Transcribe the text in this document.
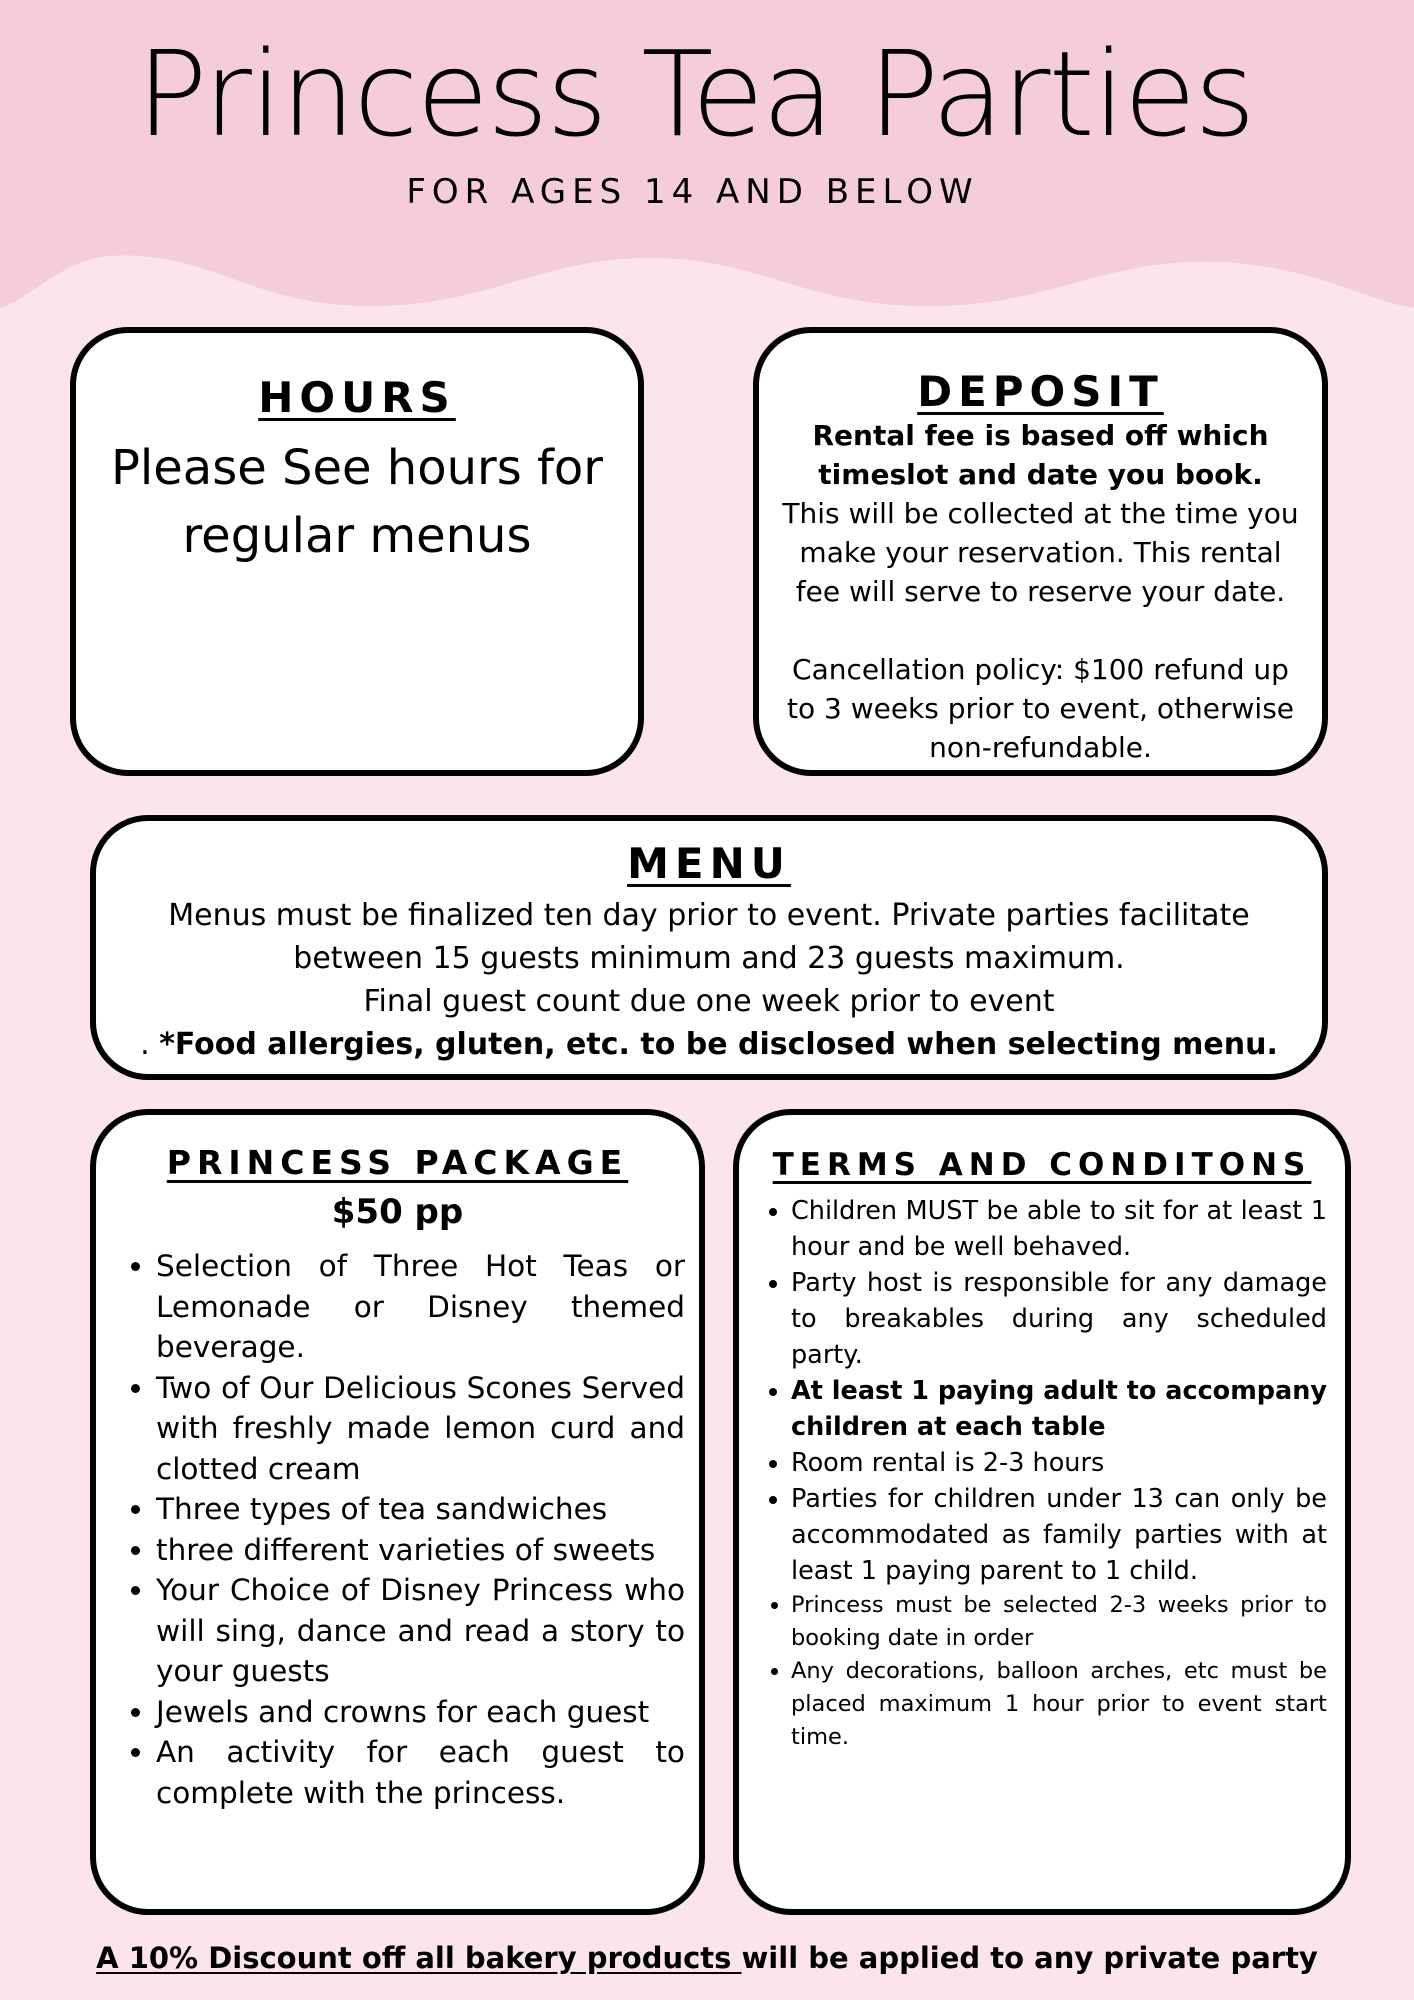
Princess Tea Parties

FOR AGES 14 AND BELOW

HOURS
Please See hours for regular menus
DEPOSIT
Rental fee is based off which timeslot and date you book.
This will be collected at the time you make your reservation. This rental fee will serve to reserve your date.
Cancellation policy: $100 refund up to 3 weeks prior to event, otherwise non-refundable.
MENU
Menus must be finalized ten day prior to event. Private parties facilitate between 15 guests minimum and 23 guests maximum.
Final guest count due one week prior to event
. *Food allergies, gluten, etc. to be disclosed when selecting menu.
PRINCESS PACKAGE
$50 pp
• Selection of Three Hot Teas or Lemonade or Disney themed beverage.
• Two of Our Delicious Scones Served with freshly made lemon curd and clotted cream
• Three types of tea sandwiches
• three different varieties of sweets
• Your Choice of Disney Princess who will sing, dance and read a story to your guests
• Jewels and crowns for each guest
• An activity for each guest to complete with the princess.
TERMS AND CONDITONS
• Children MUST be able to sit for at least 1 hour and be well behaved.
• Party host is responsible for any damage to breakables during any scheduled party.
• At least 1 paying adult to accompany children at each table
• Room rental is 2-3 hours
• Parties for children under 13 can only be accommodated as family parties with at least 1 paying parent to 1 child.
• Princess must be selected 2-3 weeks prior to booking date in order
• Any decorations, balloon arches, etc must be placed maximum 1 hour prior to event start time.
A 10% Discount off all bakery products will be applied to any private party
